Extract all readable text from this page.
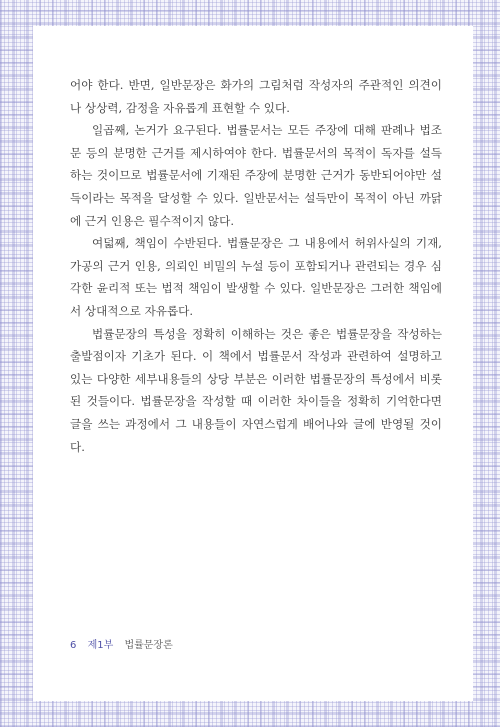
어야 한다. 반면, 일반문장은 화가의 그림처럼 작성자의 주관적인 의견이나 상상력, 감정을 자유롭게 표현할 수 있다.

일곱째, 논거가 요구된다. 법률문서는 모든 주장에 대해 판례나 법조문 등의 분명한 근거를 제시하여야 한다. 법률문서의 목적이 독자를 설득하는 것이므로 법률문서에 기재된 주장에 분명한 근거가 동반되어야만 설득이라는 목적을 달성할 수 있다. 일반문서는 설득만이 목적이 아닌 까닭에 근거 인용은 필수적이지 않다.

여덟째, 책임이 수반된다. 법률문장은 그 내용에서 허위사실의 기재, 가공의 근거 인용, 의뢰인 비밀의 누설 등이 포함되거나 관련되는 경우 심각한 윤리적 또는 법적 책임이 발생할 수 있다. 일반문장은 그러한 책임에서 상대적으로 자유롭다.

법률문장의 특성을 정확히 이해하는 것은 좋은 법률문장을 작성하는 출발점이자 기초가 된다. 이 책에서 법률문서 작성과 관련하여 설명하고 있는 다양한 세부내용들의 상당 부분은 이러한 법률문장의 특성에서 비롯된 것들이다. 법률문장을 작성할 때 이러한 차이들을 정확히 기억한다면 글을 쓰는 과정에서 그 내용들이 자연스럽게 배어나와 글에 반영될 것이다.

6 제1부 법률문장론
